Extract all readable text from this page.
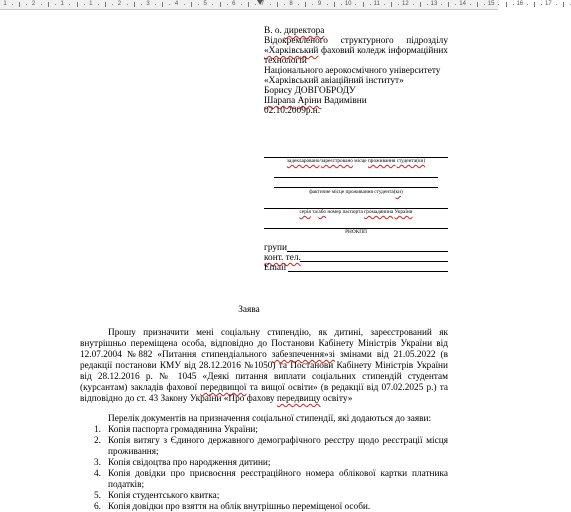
1	2	1	1	2	3	4	5	6	7	8	9	10	11	12	13	14	15	16	17
В. о. директора
Відокремленого структурного підрозділу
«Харківський фаховий коледж інформаційних
технологій
Національного аерокосмічного університету
«Харківський авіаційний інститут»
Борису ДОВГОБРОДУ
Шарапа Аріни Вадимівни
02.10.2009р.н.
задекларовано/зареєстровано місце проживання студента(ки)
фактичне місце проживання студента(ки)
серія та/або номер паспорта громадянина України
РНОКПП
групи
конт. тел.
Email
Заява
Прошу призначити мені соціальну стипендію, як дитині, зареєстрований як
внутрішньо переміщена особа, відповідно до Постанови Кабінету Міністрів України від
12.07.2004 №882 «Питання стипендіального забезпечення»зі змінами від 21.05.2022 (в
редакції постанови КМУ від 28.12.2016 №1050) та Постанови Кабінету Міністрів України
від 28.12.2016 р. № 1045 «Деякі питання виплати соціальних стипендій студентам
(курсантам) закладів фахової передвищої та вищої освіти» (в редакції від 07.02.2025 р.) та
відповідно до ст. 43 Закону України «Про фахову передвищу освіту»
Перелік документів на призначення соціальної стипендії, які додаються до заяви:
1. Копія паспорта громадянина України;
2. Копія витягу з Єдиного державного демографічного реєстру щодо реєстрації місця
проживання;
3. Копія свідоцтва про народження дитини;
4. Копія довідки про присвоєння реєстраційного номера облікової картки платника
податків;
5. Копія студентського квитка;
6. Копія довідки про взяття на облік внутрішньо переміщеної особи.
